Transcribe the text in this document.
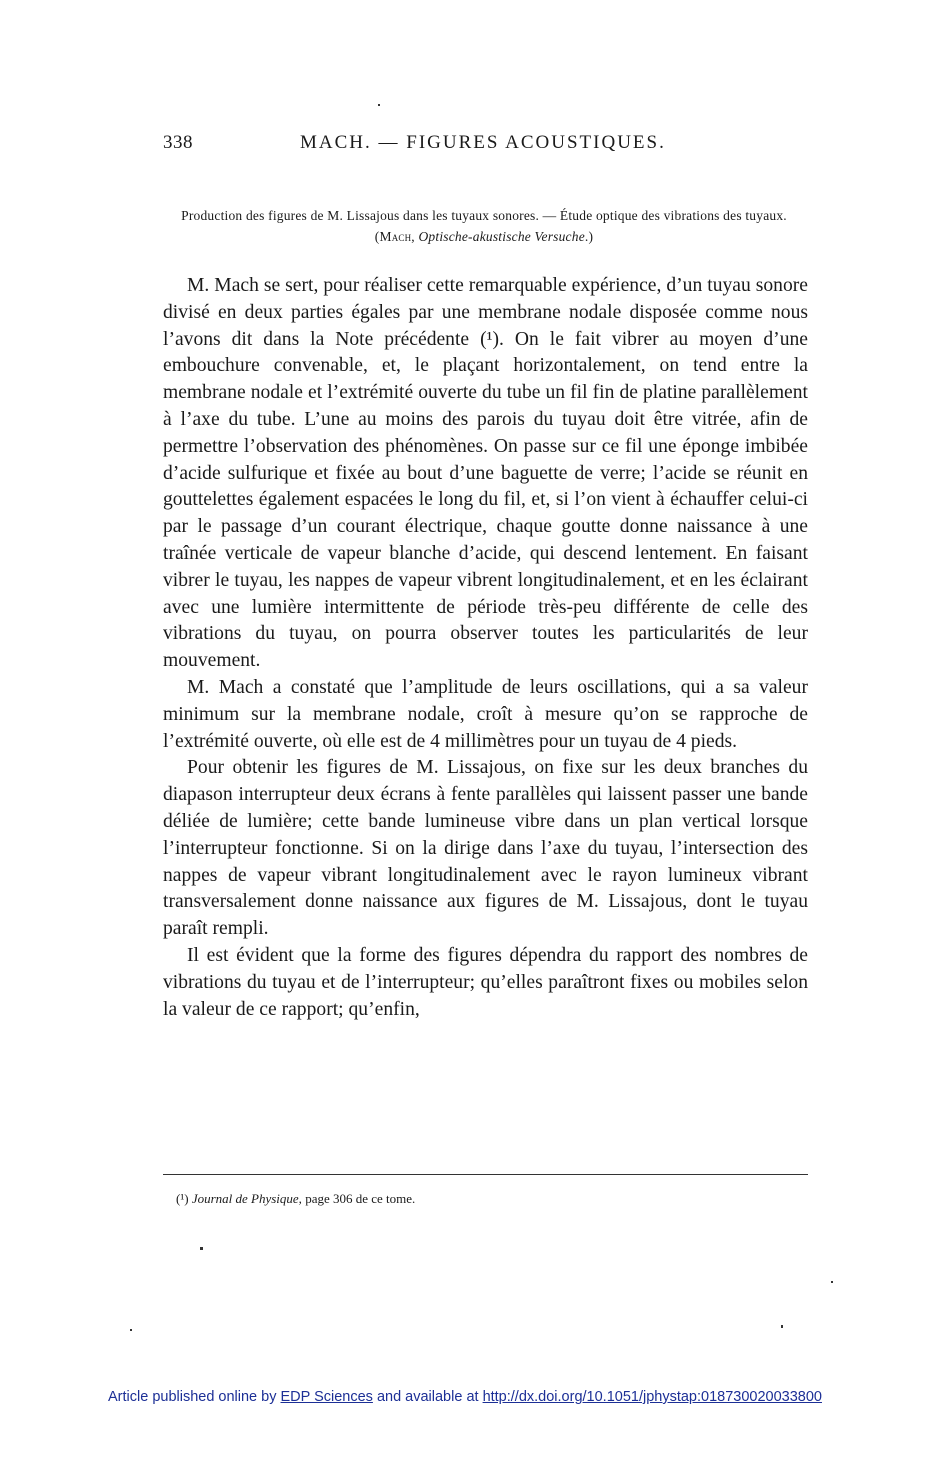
338	MACH. — FIGURES ACOUSTIQUES.
Production des figures de M. Lissajous dans les tuyaux sonores. — Étude optique des vibrations des tuyaux. (Mach, Optische-akustische Versuche.)

M. Mach se sert, pour réaliser cette remarquable expérience, d’un tuyau sonore divisé en deux parties égales par une membrane nodale disposée comme nous l’avons dit dans la Note précédente (¹). On le fait vibrer au moyen d’une embouchure convenable, et, le plaçant horizontalement, on tend entre la membrane nodale et l’extrémité ouverte du tube un fil fin de platine parallèlement à l’axe du tube. L’une au moins des parois du tuyau doit être vitrée, afin de permettre l’observation des phénomènes. On passe sur ce fil une éponge imbibée d’acide sulfurique et fixée au bout d’une baguette de verre; l’acide se réunit en gouttelettes également espacées le long du fil, et, si l’on vient à échauffer celui-ci par le passage d’un courant électrique, chaque goutte donne naissance à une traînée verticale de vapeur blanche d’acide, qui descend lentement. En faisant vibrer le tuyau, les nappes de vapeur vibrent longitudinalement, et en les éclairant avec une lumière intermittente de période très-peu différente de celle des vibrations du tuyau, on pourra observer toutes les particularités de leur mouvement.

M. Mach a constaté que l’amplitude de leurs oscillations, qui a sa valeur minimum sur la membrane nodale, croît à mesure qu’on se rapproche de l’extrémité ouverte, où elle est de 4 millimètres pour un tuyau de 4 pieds.

Pour obtenir les figures de M. Lissajous, on fixe sur les deux branches du diapason interrupteur deux écrans à fente parallèles qui laissent passer une bande déliée de lumière; cette bande lumineuse vibre dans un plan vertical lorsque l’interrupteur fonctionne. Si on la dirige dans l’axe du tuyau, l’intersection des nappes de vapeur vibrant longitudinalement avec le rayon lumineux vibrant transversalement donne naissance aux figures de M. Lissajous, dont le tuyau paraît rempli.

Il est évident que la forme des figures dépendra du rapport des nombres de vibrations du tuyau et de l’interrupteur; qu’elles paraîtront fixes ou mobiles selon la valeur de ce rapport; qu’enfin,

(¹) Journal de Physique, page 306 de ce tome.
Article published online by EDP Sciences and available at http://dx.doi.org/10.1051/jphystap:018730020033800
